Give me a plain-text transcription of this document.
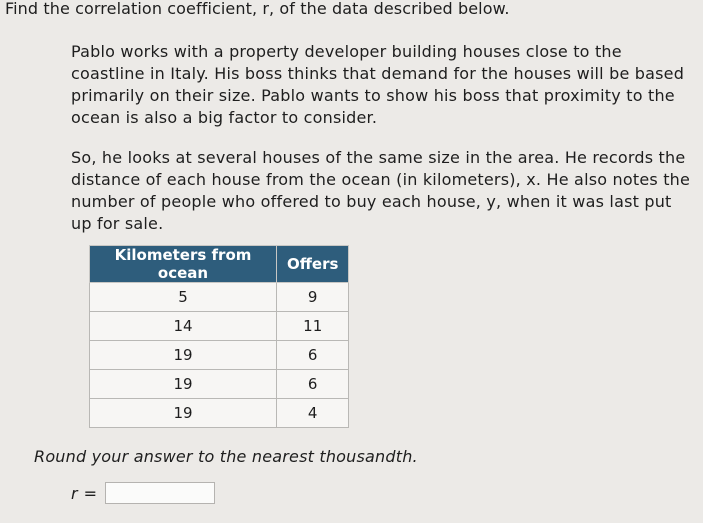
Find the correlation coefficient, r, of the data described below.

Pablo works with a property developer building houses close to the coastline in Italy. His boss thinks that demand for the houses will be based primarily on their size. Pablo wants to show his boss that proximity to the ocean is also a big factor to consider.

So, he looks at several houses of the same size in the area. He records the distance of each house from the ocean (in kilometers), x. He also notes the number of people who offered to buy each house, y, when it was last put up for sale.

Kilometers from ocean	Offers
5	9
14	11
19	6
19	6
19	4
Round your answer to the nearest thousandth.
r =
